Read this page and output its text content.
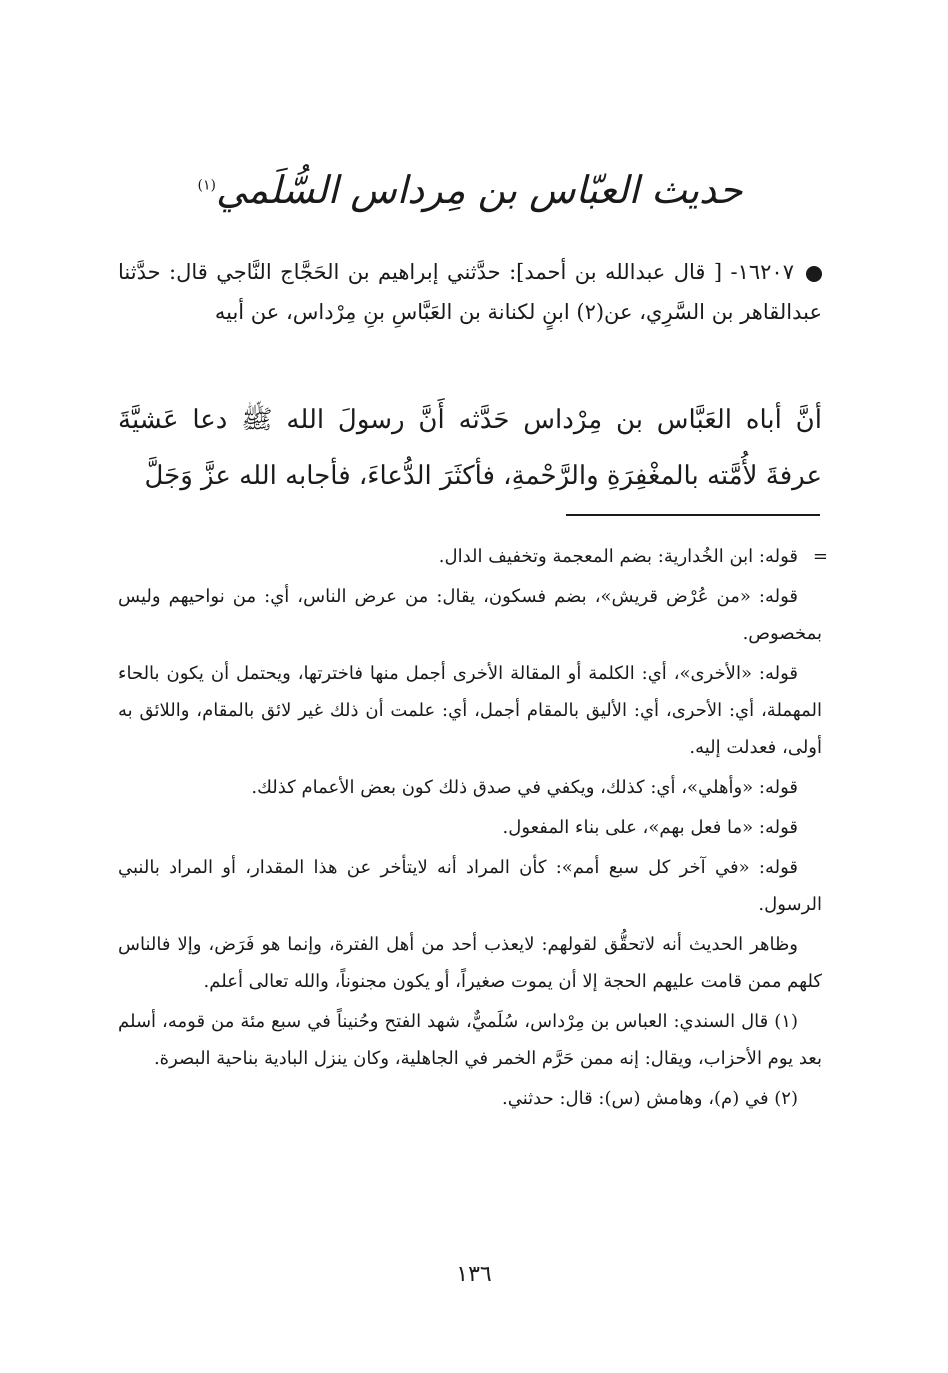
حديث العبّاس بن مِرداس السُّلَمي$^{(١)}$
١٦٢٠٧- [ قال عبدالله بن أحمد]: حدَّثني إبراهيم بن الحَجَّاج النَّاجي قال: حدَّثنا عبدالقاهر بن السَّرِي، عن(٢) ابنٍ لكنانة بن العَبَّاسِ بنِ مِرْداس، عن أبيه
أنَّ أباه العَبَّاس بن مِرْداس حَدَّثه أَنَّ رسولَ الله ﷺ دعا عَشيَّةَ عرفةَ لأُمَّته بالمغْفِرَةِ والرَّحْمةِ، فأكثَرَ الدُّعاءَ، فأجابه الله عزَّ وَجَلَّ

=
قوله: ابن الخُدارية: بضم المعجمة وتخفيف الدال.

قوله: «من عُرْض قريش»، بضم فسكون، يقال: من عرض الناس، أي: من نواحيهم وليس بمخصوص.

قوله: «الأخرى»، أي: الكلمة أو المقالة الأخرى أجمل منها فاخترتها، ويحتمل أن يكون بالحاء المهملة، أي: الأحرى، أي: الأليق بالمقام أجمل، أي: علمت أن ذلك غير لائق بالمقام، واللائق به أولى، فعدلت إليه.

قوله: «وأهلي»، أي: كذلك، ويكفي في صدق ذلك كون بعض الأعمام كذلك.

قوله: «ما فعل بهم»، على بناء المفعول.

قوله: «في آخر كل سبع أمم»: كأن المراد أنه لايتأخر عن هذا المقدار، أو المراد بالنبي الرسول.

وظاهر الحديث أنه لاتحقُّق لقولهم: لايعذب أحد من أهل الفترة، وإنما هو فَرَض، وإلا فالناس كلهم ممن قامت عليهم الحجة إلا أن يموت صغيراً، أو يكون مجنوناً، والله تعالى أعلم.

(١) قال السندي: العباس بن مِرْداس، سُلَميٌّ، شهد الفتح وحُنيناً في سبع مئة من قومه، أسلم بعد يوم الأحزاب، ويقال: إنه ممن حَرَّم الخمر في الجاهلية، وكان ينزل البادية بناحية البصرة.

(٢) في (م)، وهامش (س): قال: حدثني.

١٣٦
